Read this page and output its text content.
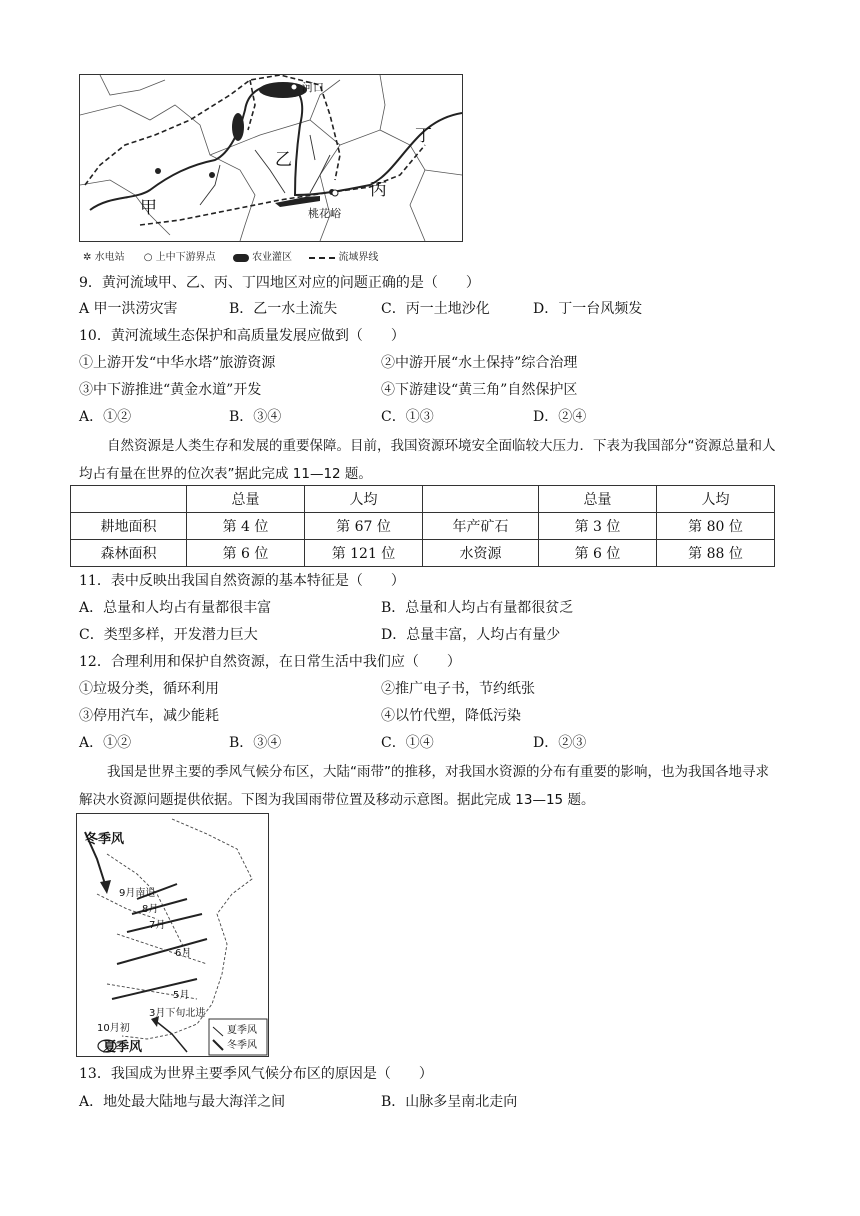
河口
乙
丁
丙
甲	桃花峪
✲ 水电站 ○ 上中下游界点	农业灌区	流域界线
9．黄河流域甲、乙、丙、丁四地区对应的问题正确的是（　　）
A 甲一洪涝灾害	B．乙一水土流失	C．丙一土地沙化	D．丁一台风频发
10．黄河流域生态保护和高质量发展应做到（　　）
①上游开发“中华水塔”旅游资源	②中游开展“水土保持”综合治理
③中下游推进“黄金水道”开发	④下游建设“黄三角”自然保护区
A．①②	B．③④	C．①③	D．②④
自然资源是人类生存和发展的重要保障。目前，我国资源环境安全面临较大压力．下表为我国部分“资源总量和人均占有量在世界的位次表”据此完成 11—12 题。
	总量	人均		总量	人均
耕地面积	第 4 位	第 67 位	年产矿石	第 3 位	第 80 位
森林面积	第 6 位	第 121 位	水资源	第 6 位	第 88 位
11．表中反映出我国自然资源的基本特征是（　　）
A．总量和人均占有量都很丰富	B．总量和人均占有量都很贫乏
C．类型多样，开发潜力巨大	D．总量丰富，人均占有量少
12．合理利用和保护自然资源，在日常生活中我们应（　　）
①垃圾分类，循环利用	②推广电子书，节约纸张
③停用汽车，减少能耗	④以竹代塑，降低污染
A．①②	B．③④	C．①④	D．②③
我国是世界主要的季风气候分布区，大陆“雨带”的推移，对我国水资源的分布有重要的影响，也为我国各地寻求解决水资源问题提供依据。下图为我国雨带位置及移动示意图。据此完成 13—15 题。
冬季风
9月南退
8月
7月
6月
5月
10月初
3月下旬北进
夏季风
夏季风
冬季风
13．我国成为世界主要季风气候分布区的原因是（　　）
A．地处最大陆地与最大海洋之间	B．山脉多呈南北走向
